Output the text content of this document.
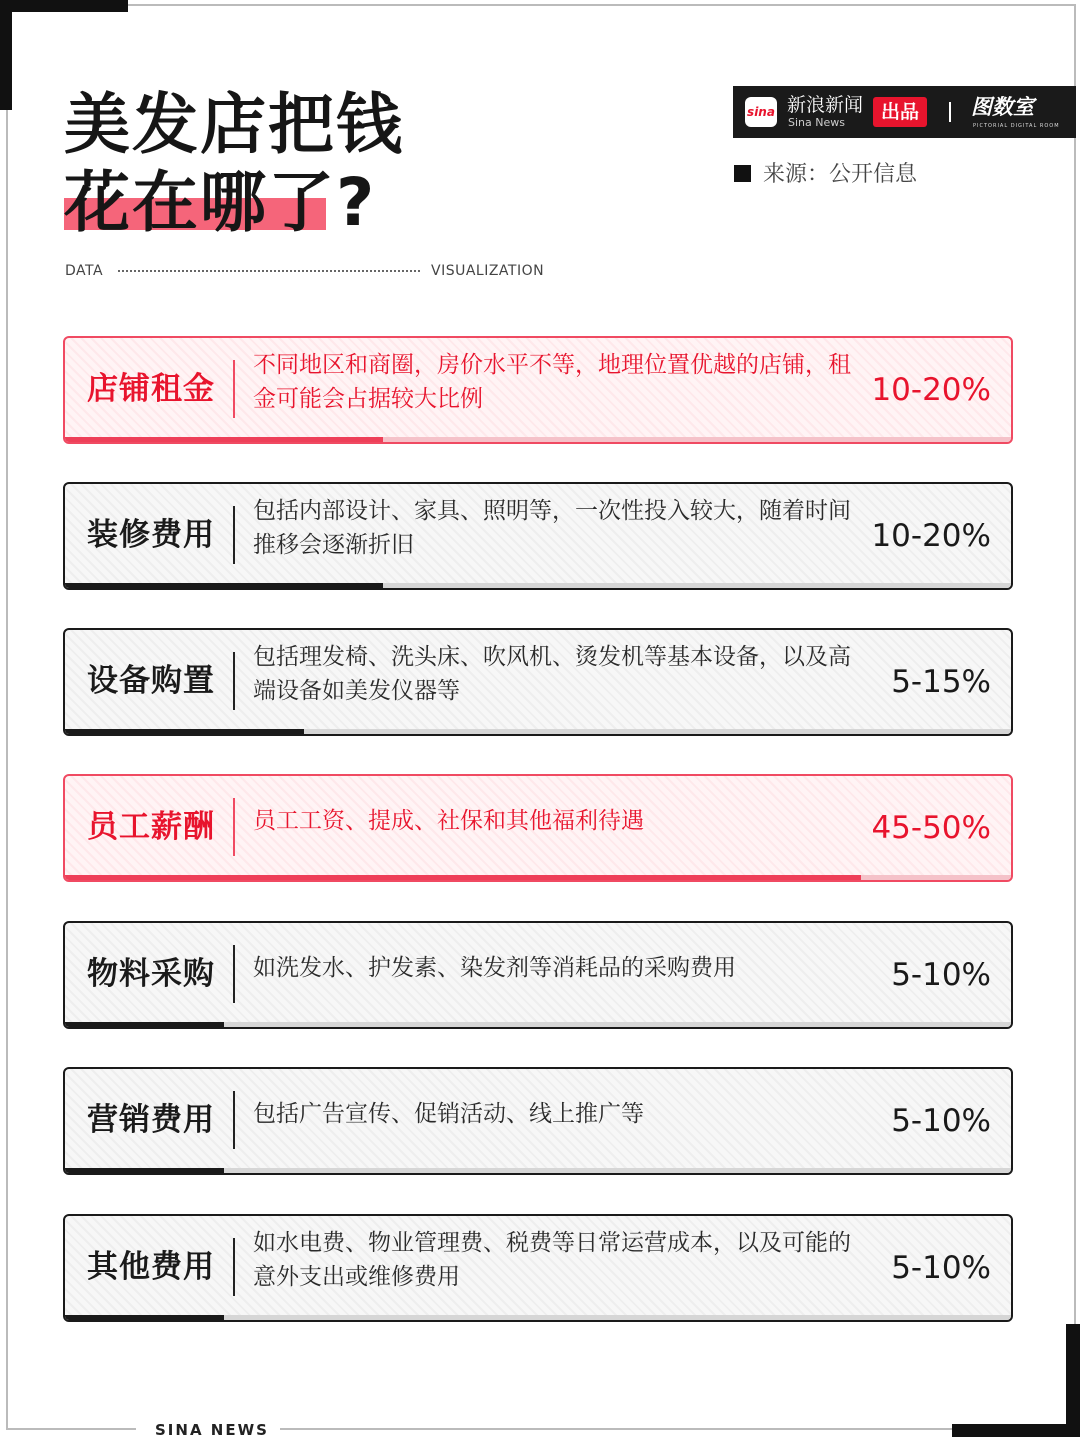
美发店把钱
花在哪了?
sina 新浪新闻
Sina News	出品	图数室
PICTORIAL DIGITAL ROOM
来源：公开信息
DATA	VISUALIZATION
店铺租金
不同地区和商圈，房价水平不等，地理位置优越的店铺，租金可能会占据较大比例	10-20%
装修费用
包括内部设计、家具、照明等，一次性投入较大，随着时间推移会逐渐折旧	10-20%
设备购置
包括理发椅、洗头床、吹风机、烫发机等基本设备，以及高端设备如美发仪器等	5-15%
员工薪酬 员工工资、提成、社保和其他福利待遇	45-50%
物料采购 如洗发水、护发素、染发剂等消耗品的采购费用	5-10%
营销费用 包括广告宣传、促销活动、线上推广等	5-10%
其他费用
如水电费、物业管理费、税费等日常运营成本，以及可能的意外支出或维修费用	5-10%
SINA NEWS
